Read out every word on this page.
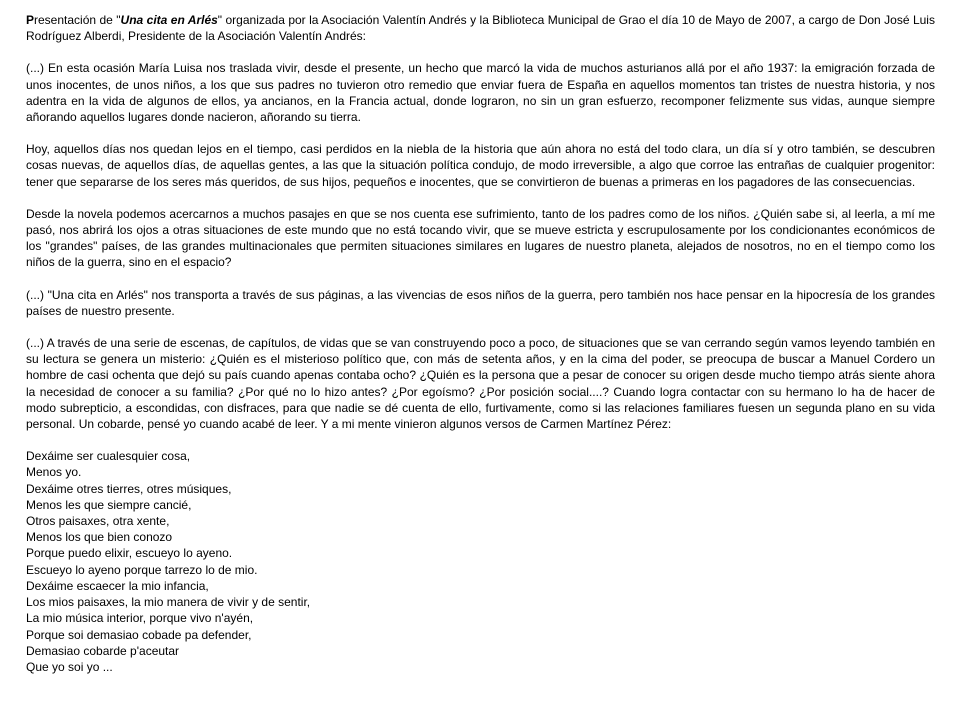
Presentación de "Una cita en Arlés" organizada por la Asociación Valentín Andrés y la Biblioteca Municipal de Grao el día 10 de Mayo de 2007, a cargo de Don José Luis Rodríguez Alberdi, Presidente de la Asociación Valentín Andrés:

(...) En esta ocasión María Luisa nos traslada vivir, desde el presente, un hecho que marcó la vida de muchos asturianos allá por el año 1937: la emigración forzada de unos inocentes, de unos niños, a los que sus padres no tuvieron otro remedio que enviar fuera de España en aquellos momentos tan tristes de nuestra historia, y nos adentra en la vida de algunos de ellos, ya ancianos, en la Francia actual, donde lograron, no sin un gran esfuerzo, recomponer felizmente sus vidas, aunque siempre añorando aquellos lugares donde nacieron, añorando su tierra.

Hoy, aquellos días nos quedan lejos en el tiempo, casi perdidos en la niebla de la historia que aún ahora no está del todo clara, un día sí y otro también, se descubren cosas nuevas, de aquellos días, de aquellas gentes, a las que la situación política condujo, de modo irreversible, a algo que corroe las entrañas de cualquier progenitor: tener que separarse de los seres más queridos, de sus hijos, pequeños e inocentes, que se convirtieron de buenas a primeras en los pagadores de las consecuencias.

Desde la novela podemos acercarnos a muchos pasajes en que se nos cuenta ese sufrimiento, tanto de los padres como de los niños. ¿Quién sabe si, al leerla, a mí me pasó, nos abrirá los ojos a otras situaciones de este mundo que no está tocando vivir, que se mueve estricta y escrupulosamente por los condicionantes económicos de los "grandes" países, de las grandes multinacionales que permiten situaciones similares en lugares de nuestro planeta, alejados de nosotros, no en el tiempo como los niños de la guerra, sino en el espacio?

(...) "Una cita en Arlés" nos transporta a través de sus páginas, a las vivencias de esos niños de la guerra, pero también nos hace pensar en la hipocresía de los grandes países de nuestro presente.

(...) A través de una serie de escenas, de capítulos, de vidas que se van construyendo poco a poco, de situaciones que se van cerrando según vamos leyendo también en su lectura se genera un misterio: ¿Quién es el misterioso político que, con más de setenta años, y en la cima del poder, se preocupa de buscar a Manuel Cordero un hombre de casi ochenta que dejó su país cuando apenas contaba ocho? ¿Quién es la persona que a pesar de conocer su origen desde mucho tiempo atrás siente ahora la necesidad de conocer a su familia? ¿Por qué no lo hizo antes? ¿Por egoísmo? ¿Por posición social....? Cuando logra contactar con su hermano lo ha de hacer de modo subrepticio, a escondidas, con disfraces, para que nadie se dé cuenta de ello, furtivamente, como si las relaciones familiares fuesen un segunda plano en su vida personal. Un cobarde, pensé yo cuando acabé de leer. Y a mi mente vinieron algunos versos de Carmen Martínez Pérez:

Dexáime ser cualesquier cosa,
Menos yo.
Dexáime otres tierres, otres músiques,
Menos les que siempre cancié,
Otros paisaxes, otra xente,
Menos los que bien conozo
Porque puedo elixir, escueyo lo ayeno.
Escueyo lo ayeno porque tarrezo lo de mio.
Dexáime escaecer la mio infancia,
Los mios paisaxes, la mio manera de vivir y de sentir,
La mio música interior, porque vivo n'ayén,
Porque soi demasiao cobade pa defender,
Demasiao cobarde p'aceutar
Que yo soi yo ...
